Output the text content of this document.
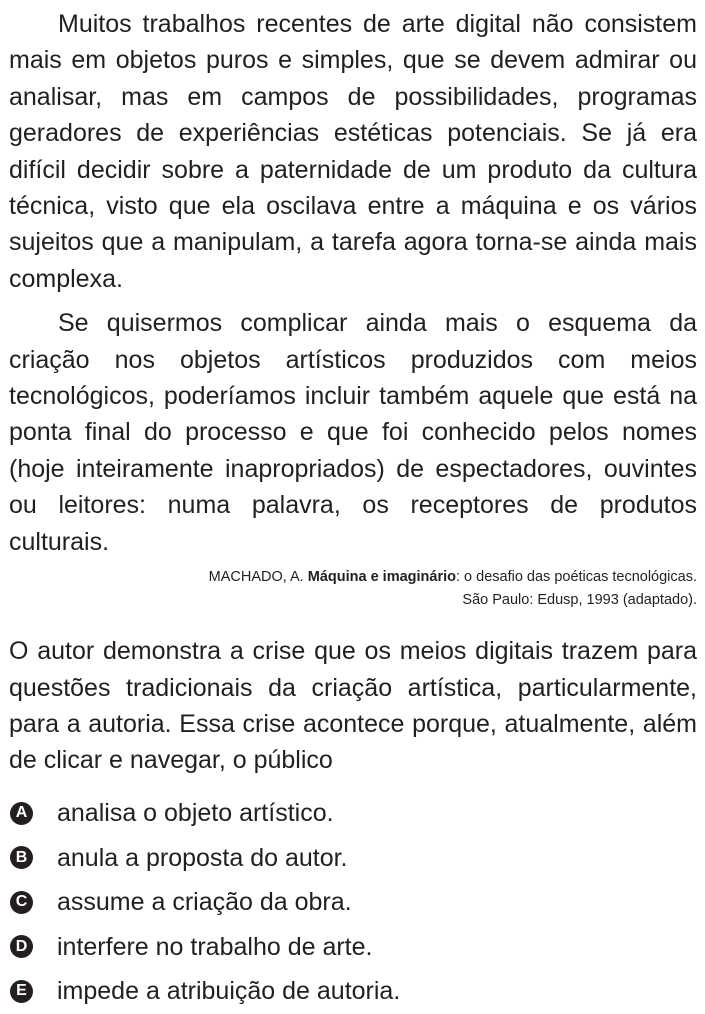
Muitos trabalhos recentes de arte digital não consistem mais em objetos puros e simples, que se devem admirar ou analisar, mas em campos de possibilidades, programas geradores de experiências estéticas potenciais. Se já era difícil decidir sobre a paternidade de um produto da cultura técnica, visto que ela oscilava entre a máquina e os vários sujeitos que a manipulam, a tarefa agora torna-se ainda mais complexa.

Se quisermos complicar ainda mais o esquema da criação nos objetos artísticos produzidos com meios tecnológicos, poderíamos incluir também aquele que está na ponta final do processo e que foi conhecido pelos nomes (hoje inteiramente inapropriados) de espectadores, ouvintes ou leitores: numa palavra, os receptores de produtos culturais.

MACHADO, A. Máquina e imaginário: o desafio das poéticas tecnológicas.
São Paulo: Edusp, 1993 (adaptado).

O autor demonstra a crise que os meios digitais trazem para questões tradicionais da criação artística, particularmente, para a autoria. Essa crise acontece porque, atualmente, além de clicar e navegar, o público

A analisa o objeto artístico.
B anula a proposta do autor.
C assume a criação da obra.
D interfere no trabalho de arte.
E impede a atribuição de autoria.
